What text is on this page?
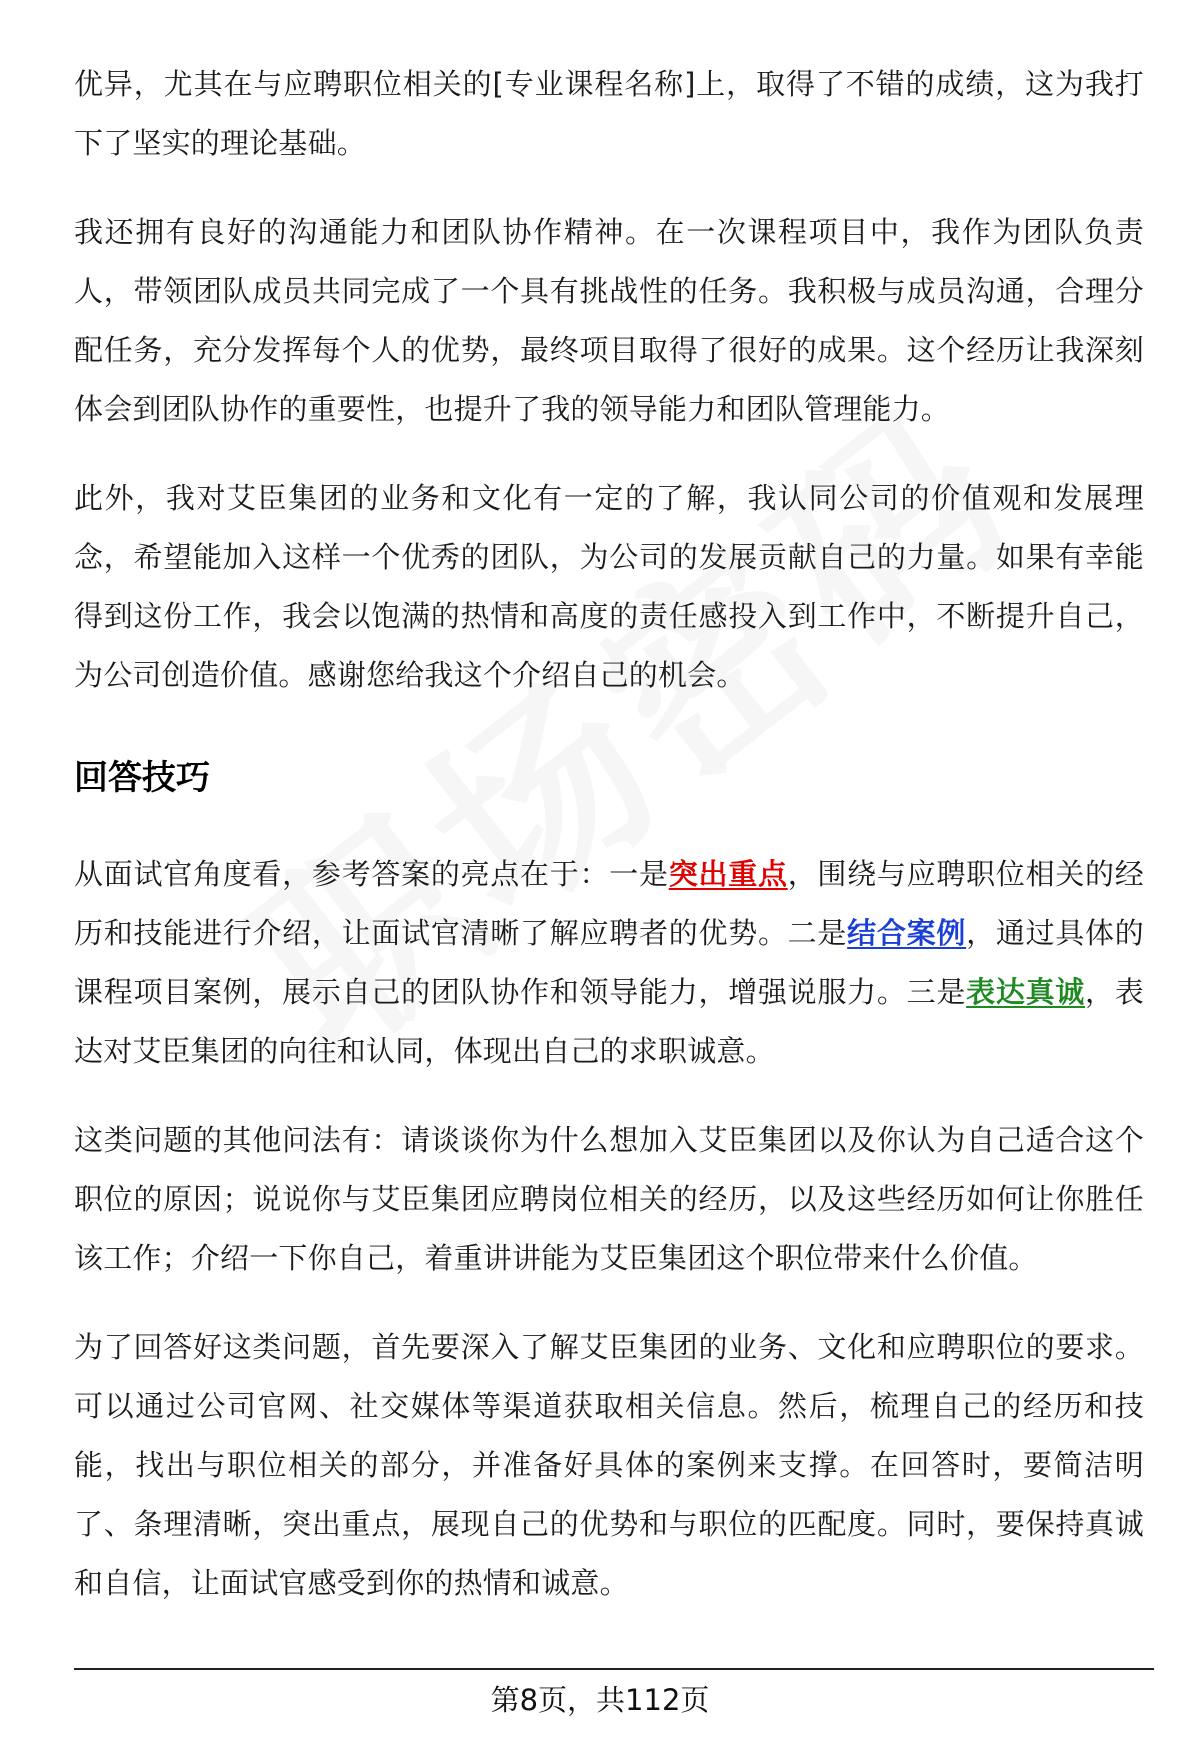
优异，尤其在与应聘职位相关的[专业课程名称]上，取得了不错的成绩，这为我打下了坚实的理论基础。

我还拥有良好的沟通能力和团队协作精神。在一次课程项目中，我作为团队负责人，带领团队成员共同完成了一个具有挑战性的任务。我积极与成员沟通，合理分配任务，充分发挥每个人的优势，最终项目取得了很好的成果。这个经历让我深刻体会到团队协作的重要性，也提升了我的领导能力和团队管理能力。

此外，我对艾臣集团的业务和文化有一定的了解，我认同公司的价值观和发展理念，希望能加入这样一个优秀的团队，为公司的发展贡献自己的力量。如果有幸能得到这份工作，我会以饱满的热情和高度的责任感投入到工作中，不断提升自己，为公司创造价值。感谢您给我这个介绍自己的机会。

回答技巧

从面试官角度看，参考答案的亮点在于：一是突出重点，围绕与应聘职位相关的经历和技能进行介绍，让面试官清晰了解应聘者的优势。二是结合案例，通过具体的课程项目案例，展示自己的团队协作和领导能力，增强说服力。三是表达真诚，表达对艾臣集团的向往和认同，体现出自己的求职诚意。

这类问题的其他问法有：请谈谈你为什么想加入艾臣集团以及你认为自己适合这个职位的原因；说说你与艾臣集团应聘岗位相关的经历，以及这些经历如何让你胜任该工作；介绍一下你自己，着重讲讲能为艾臣集团这个职位带来什么价值。

为了回答好这类问题，首先要深入了解艾臣集团的业务、文化和应聘职位的要求。可以通过公司官网、社交媒体等渠道获取相关信息。然后，梳理自己的经历和技能，找出与职位相关的部分，并准备好具体的案例来支撑。在回答时，要简洁明了、条理清晰，突出重点，展现自己的优势和与职位的匹配度。同时，要保持真诚和自信，让面试官感受到你的热情和诚意。

第8页，共112页
